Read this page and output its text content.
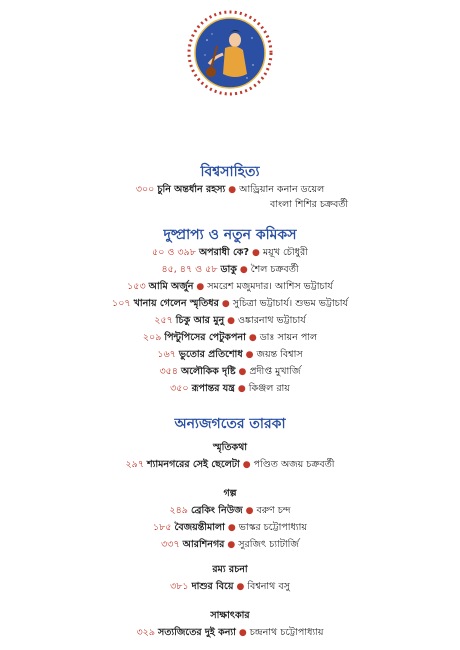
বিশ্বসাহিত্য
৩০০ চুনি অন্তর্ধান রহস্য ● আড্রিয়ান কনান ডয়েল
বাংলা শিশির চক্রবর্তী
দুষ্প্রাপ্য ও নতুন কমিকস
৫০ ও ৩৯৮ অপরাধী কে? ● ময়ূখ চৌধুরী
৪৫, ৪৭ ও ৫৮ ডাকু ● শৈল চক্রবর্তী
১৫৩ আমি অর্জুন ● সমরেশ মজুমদার। আশিস ভট্টাচার্য
১০৭ খানায় গেলেন স্মৃতিধর ● সুচিত্রা ভট্টাচার্য। শুভম ভট্টাচার্য
২৫৭ চিকু আর মুনু ● ওঙ্কারনাথ ভট্টাচার্য
২০৯ পিন্টুপিসের পেটুকপনা ● ডাঃ সায়ন পাল
১৬৭ ভুতোর প্রতিশোধ ● জয়ন্ত বিশ্বাস
৩৫৪ অলৌকিক দৃষ্টি ● প্রদীপ্ত মুখার্জি
৩৫০ রূপান্তর যন্ত্র ● কিঞ্জল রায়
অন্যজগতের তারকা
স্মৃতিকথা
২৯৭ শ্যামনগরের সেই ছেলেটা ● পণ্ডিত অজয় চক্রবর্তী
গল্প
২৪৯ ব্রেকিং নিউজ ● বরুণ চন্দ
১৮৫ বৈজয়ন্তীমালা ● ভাস্কর চট্টোপাধ্যায়
৩৩৭ আরশিনগর ● সুরজিৎ চ্যাটার্জি
রম্য রচনা
৩৮১ দাশুর বিয়ে ● বিশ্বনাথ বসু
সাক্ষাৎকার
৩২৯ সত্যজিতের দুই কন্যা ● চন্দ্রনাথ চট্টোপাধ্যায়
